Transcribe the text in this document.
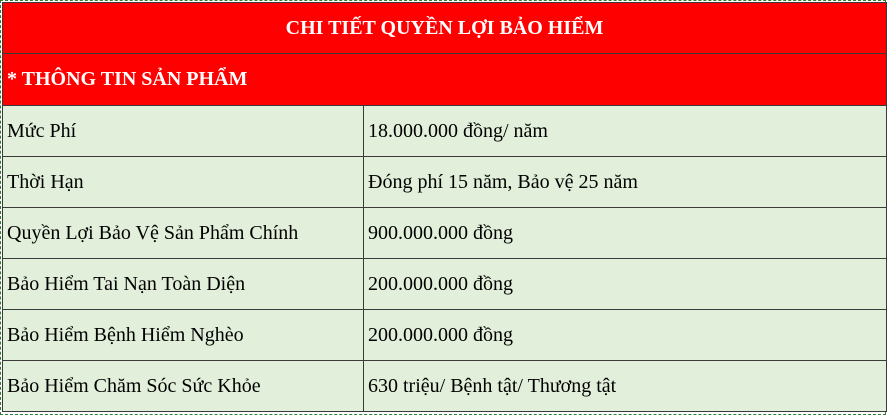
CHI TIẾT QUYỀN LỢI BẢO HIỂM	
* THÔNG TIN SẢN PHẨM	
Mức Phí	18.000.000 đồng/ năm
Thời Hạn	Đóng phí 15 năm, Bảo vệ 25 năm
Quyền Lợi Bảo Vệ Sản Phẩm Chính	900.000.000 đồng
Bảo Hiểm Tai Nạn Toàn Diện	200.000.000 đồng
Bảo Hiểm Bệnh Hiểm Nghèo	200.000.000 đồng
Bảo Hiểm Chăm Sóc Sức Khỏe	630 triệu/ Bệnh tật/ Thương tật
